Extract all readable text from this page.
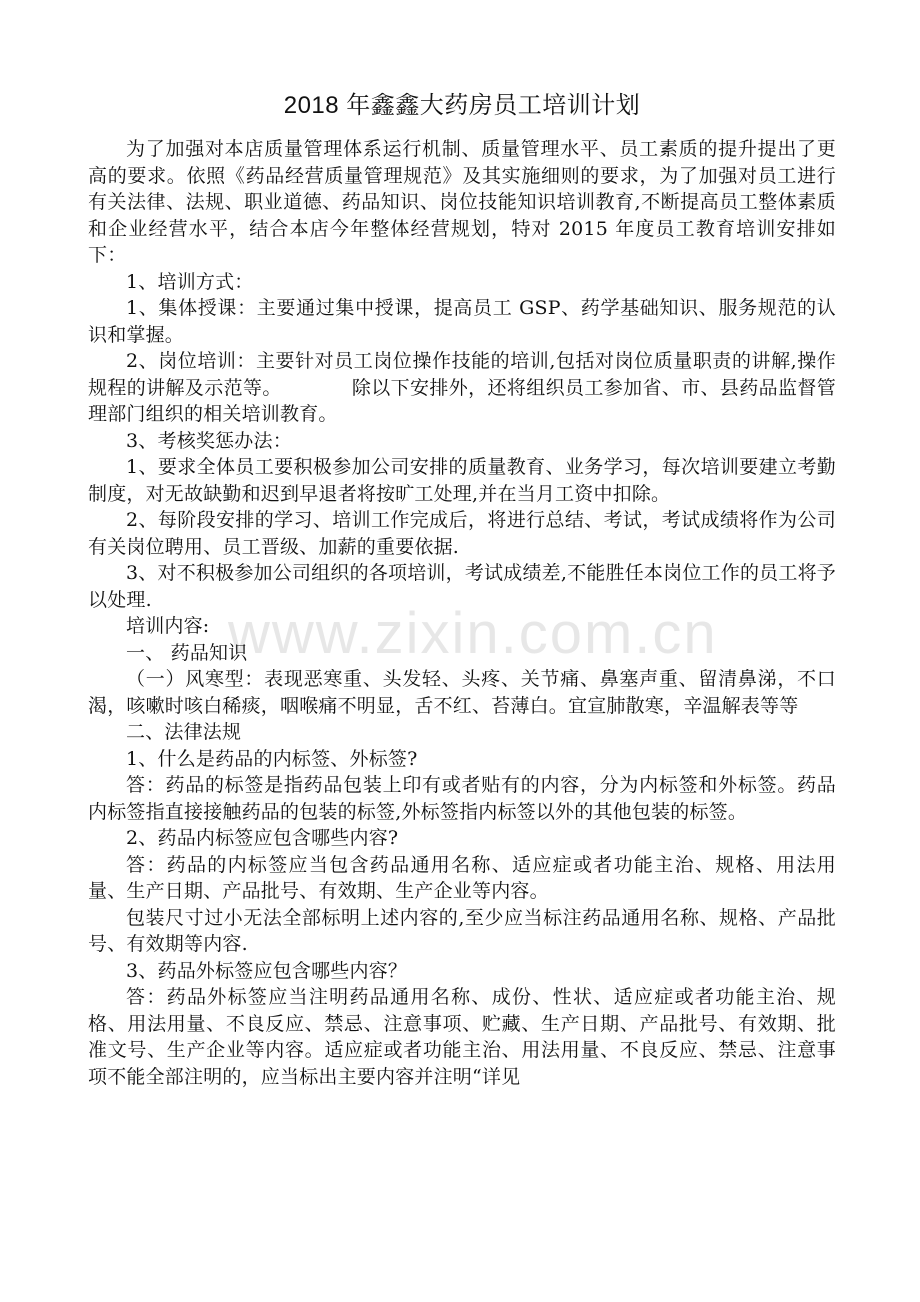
www.zixin.com.cn
2018 年鑫鑫大药房员工培训计划

为了加强对本店质量管理体系运行机制、质量管理水平、员工素质的提升提出了更高的要求。依照《药品经营质量管理规范》及其实施细则的要求，为了加强对员工进行有关法律、法规、职业道德、药品知识、岗位技能知识培训教育,不断提高员工整体素质和企业经营水平，结合本店今年整体经营规划，特对 2015 年度员工教育培训安排如下：

1、培训方式：

1、集体授课：主要通过集中授课，提高员工 GSP、药学基础知识、服务规范的认识和掌握。

2、岗位培训：主要针对员工岗位操作技能的培训,包括对岗位质量职责的讲解,操作规程的讲解及示范等。	除以下安排外，还将组织员工参加省、市、县药品监督管理部门组织的相关培训教育。

3、考核奖惩办法：

1、要求全体员工要积极参加公司安排的质量教育、业务学习，每次培训要建立考勤制度，对无故缺勤和迟到早退者将按旷工处理,并在当月工资中扣除。

2、每阶段安排的学习、培训工作完成后，将进行总结、考试，考试成绩将作为公司有关岗位聘用、员工晋级、加薪的重要依据.

3、对不积极参加公司组织的各项培训，考试成绩差,不能胜任本岗位工作的员工将予以处理.

培训内容:

一、 药品知识

（一）风寒型：表现恶寒重、头发轻、头疼、关节痛、鼻塞声重、留清鼻涕，不口渴，咳嗽时咳白稀痰，咽喉痛不明显，舌不红、苔薄白。宜宣肺散寒，辛温解表等等

二、法律法规

1、什么是药品的内标签、外标签?

答：药品的标签是指药品包装上印有或者贴有的内容，分为内标签和外标签。药品内标签指直接接触药品的包装的标签,外标签指内标签以外的其他包装的标签。

2、药品内标签应包含哪些内容?

答：药品的内标签应当包含药品通用名称、适应症或者功能主治、规格、用法用量、生产日期、产品批号、有效期、生产企业等内容。

包装尺寸过小无法全部标明上述内容的,至少应当标注药品通用名称、规格、产品批号、有效期等内容.

3、药品外标签应包含哪些内容？

答：药品外标签应当注明药品通用名称、成份、性状、适应症或者功能主治、规格、用法用量、不良反应、禁忌、注意事项、贮藏、生产日期、产品批号、有效期、批准文号、生产企业等内容。适应症或者功能主治、用法用量、不良反应、禁忌、注意事项不能全部注明的，应当标出主要内容并注明“详见
